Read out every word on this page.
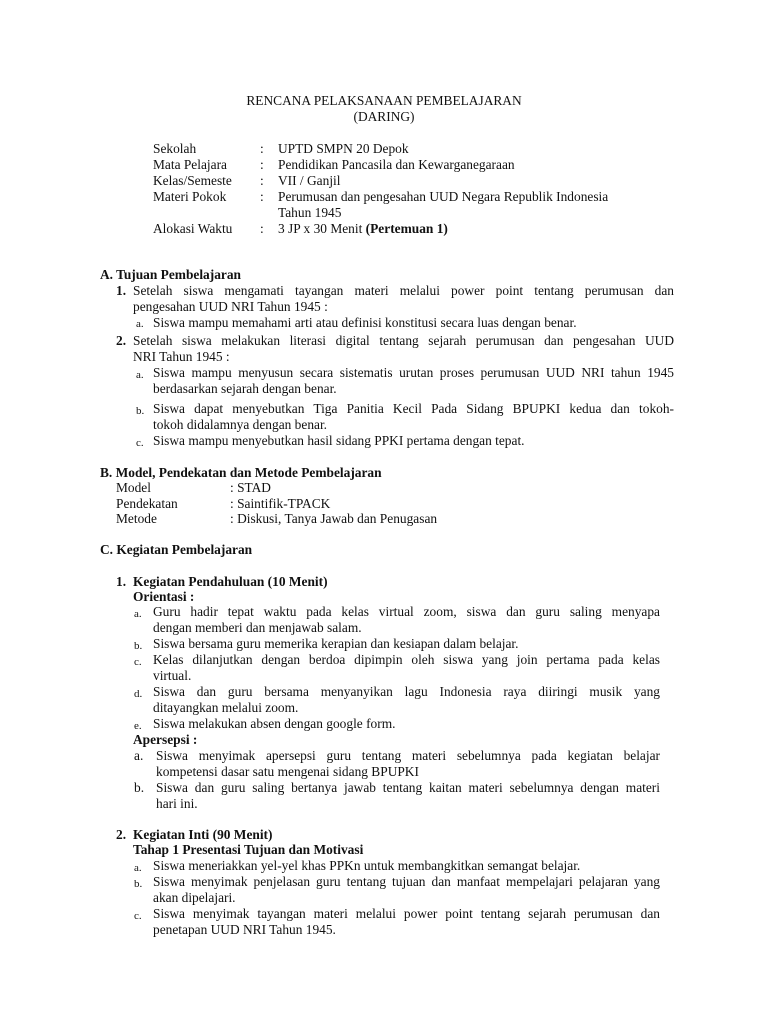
RENCANA PELAKSANAAN PEMBELAJARAN
(DARING)
Sekolah	: UPTD SMPN 20 Depok
Mata Pelajara : Pendidikan Pancasila dan Kewarganegaraan
Kelas/Semeste : VII / Ganjil
Materi Pokok	: Perumusan dan pengesahan UUD Negara Republik Indonesia
Tahun 1945
Alokasi Waktu : 3 JP x 30 Menit (Pertemuan 1)
A. Tujuan Pembelajaran
1. Setelah siswa mengamati tayangan materi melalui power point tentang perumusan dan
pengesahan UUD NRI Tahun 1945 :
a. Siswa mampu memahami arti atau definisi konstitusi secara luas dengan benar.
2. Setelah siswa melakukan literasi digital tentang sejarah perumusan dan pengesahan UUD
NRI Tahun 1945 :
a. Siswa mampu menyusun secara sistematis urutan proses perumusan UUD NRI tahun 1945
berdasarkan sejarah dengan benar.
b. Siswa dapat menyebutkan Tiga Panitia Kecil Pada Sidang BPUPKI kedua dan tokoh-
tokoh didalamnya dengan benar.
c. Siswa mampu menyebutkan hasil sidang PPKI pertama dengan tepat.
B. Model, Pendekatan dan Metode Pembelajaran
Model	: STAD
Pendekatan	: Saintifik-TPACK
Metode	: Diskusi, Tanya Jawab dan Penugasan
C. Kegiatan Pembelajaran
1. Kegiatan Pendahuluan (10 Menit)
Orientasi :
a. Guru hadir tepat waktu pada kelas virtual zoom, siswa dan guru saling menyapa
dengan memberi dan menjawab salam.
b. Siswa bersama guru memerika kerapian dan kesiapan dalam belajar.
c. Kelas dilanjutkan dengan berdoa dipimpin oleh siswa yang join pertama pada kelas
virtual.
d. Siswa dan guru bersama menyanyikan lagu Indonesia raya diiringi musik yang
ditayangkan melalui zoom.
e. Siswa melakukan absen dengan google form.
Apersepsi :
a. Siswa menyimak apersepsi guru tentang materi sebelumnya pada kegiatan belajar
kompetensi dasar satu mengenai sidang BPUPKI
b. Siswa dan guru saling bertanya jawab tentang kaitan materi sebelumnya dengan materi
hari ini.
2. Kegiatan Inti (90 Menit)
Tahap 1 Presentasi Tujuan dan Motivasi
a. Siswa meneriakkan yel-yel khas PPKn untuk membangkitkan semangat belajar.
b. Siswa menyimak penjelasan guru tentang tujuan dan manfaat mempelajari pelajaran yang
akan dipelajari.
c. Siswa menyimak tayangan materi melalui power point tentang sejarah perumusan dan
penetapan UUD NRI Tahun 1945.
